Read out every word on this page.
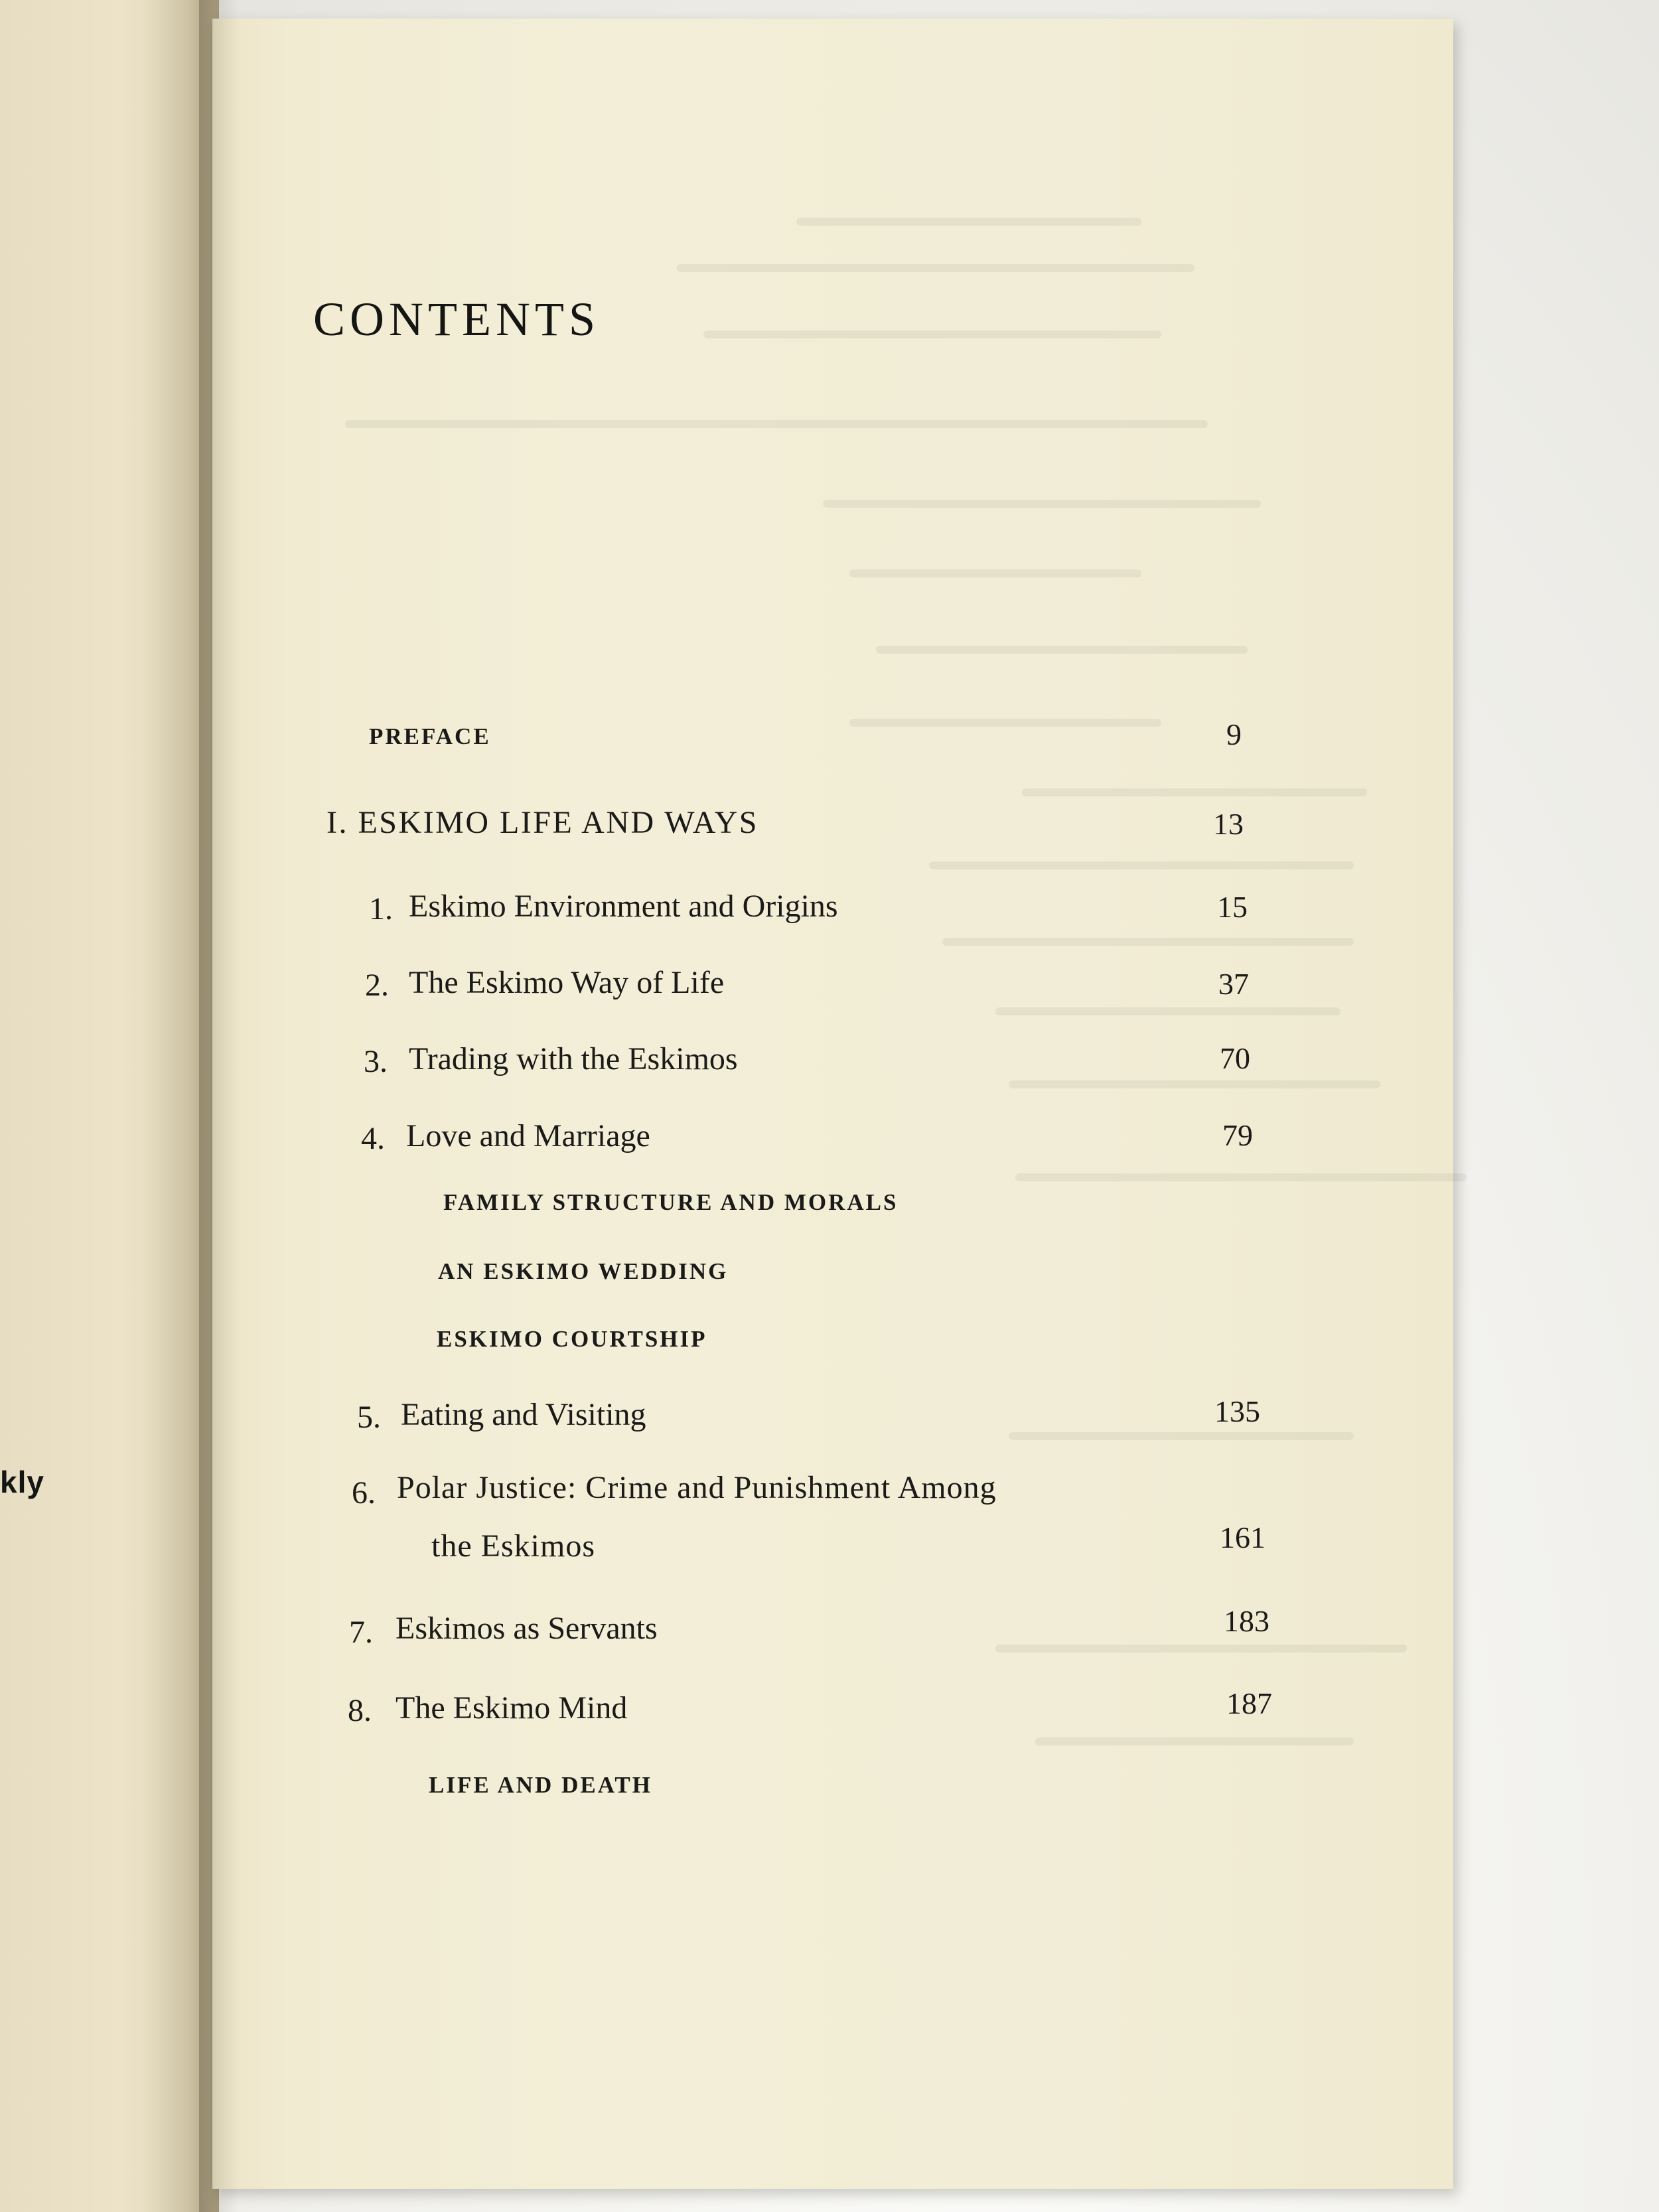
kly
CONTENTS
PREFACE	9
I. ESKIMO LIFE AND WAYS	13
1. Eskimo Environment and Origins	15
2. The Eskimo Way of Life	37
3. Trading with the Eskimos	70
4. Love and Marriage	79
FAMILY STRUCTURE AND MORALS
AN ESKIMO WEDDING
ESKIMO COURTSHIP
5. Eating and Visiting	135
6. Polar Justice: Crime and Punishment Among
the Eskimos	161
7. Eskimos as Servants	183
8. The Eskimo Mind	187
LIFE AND DEATH
